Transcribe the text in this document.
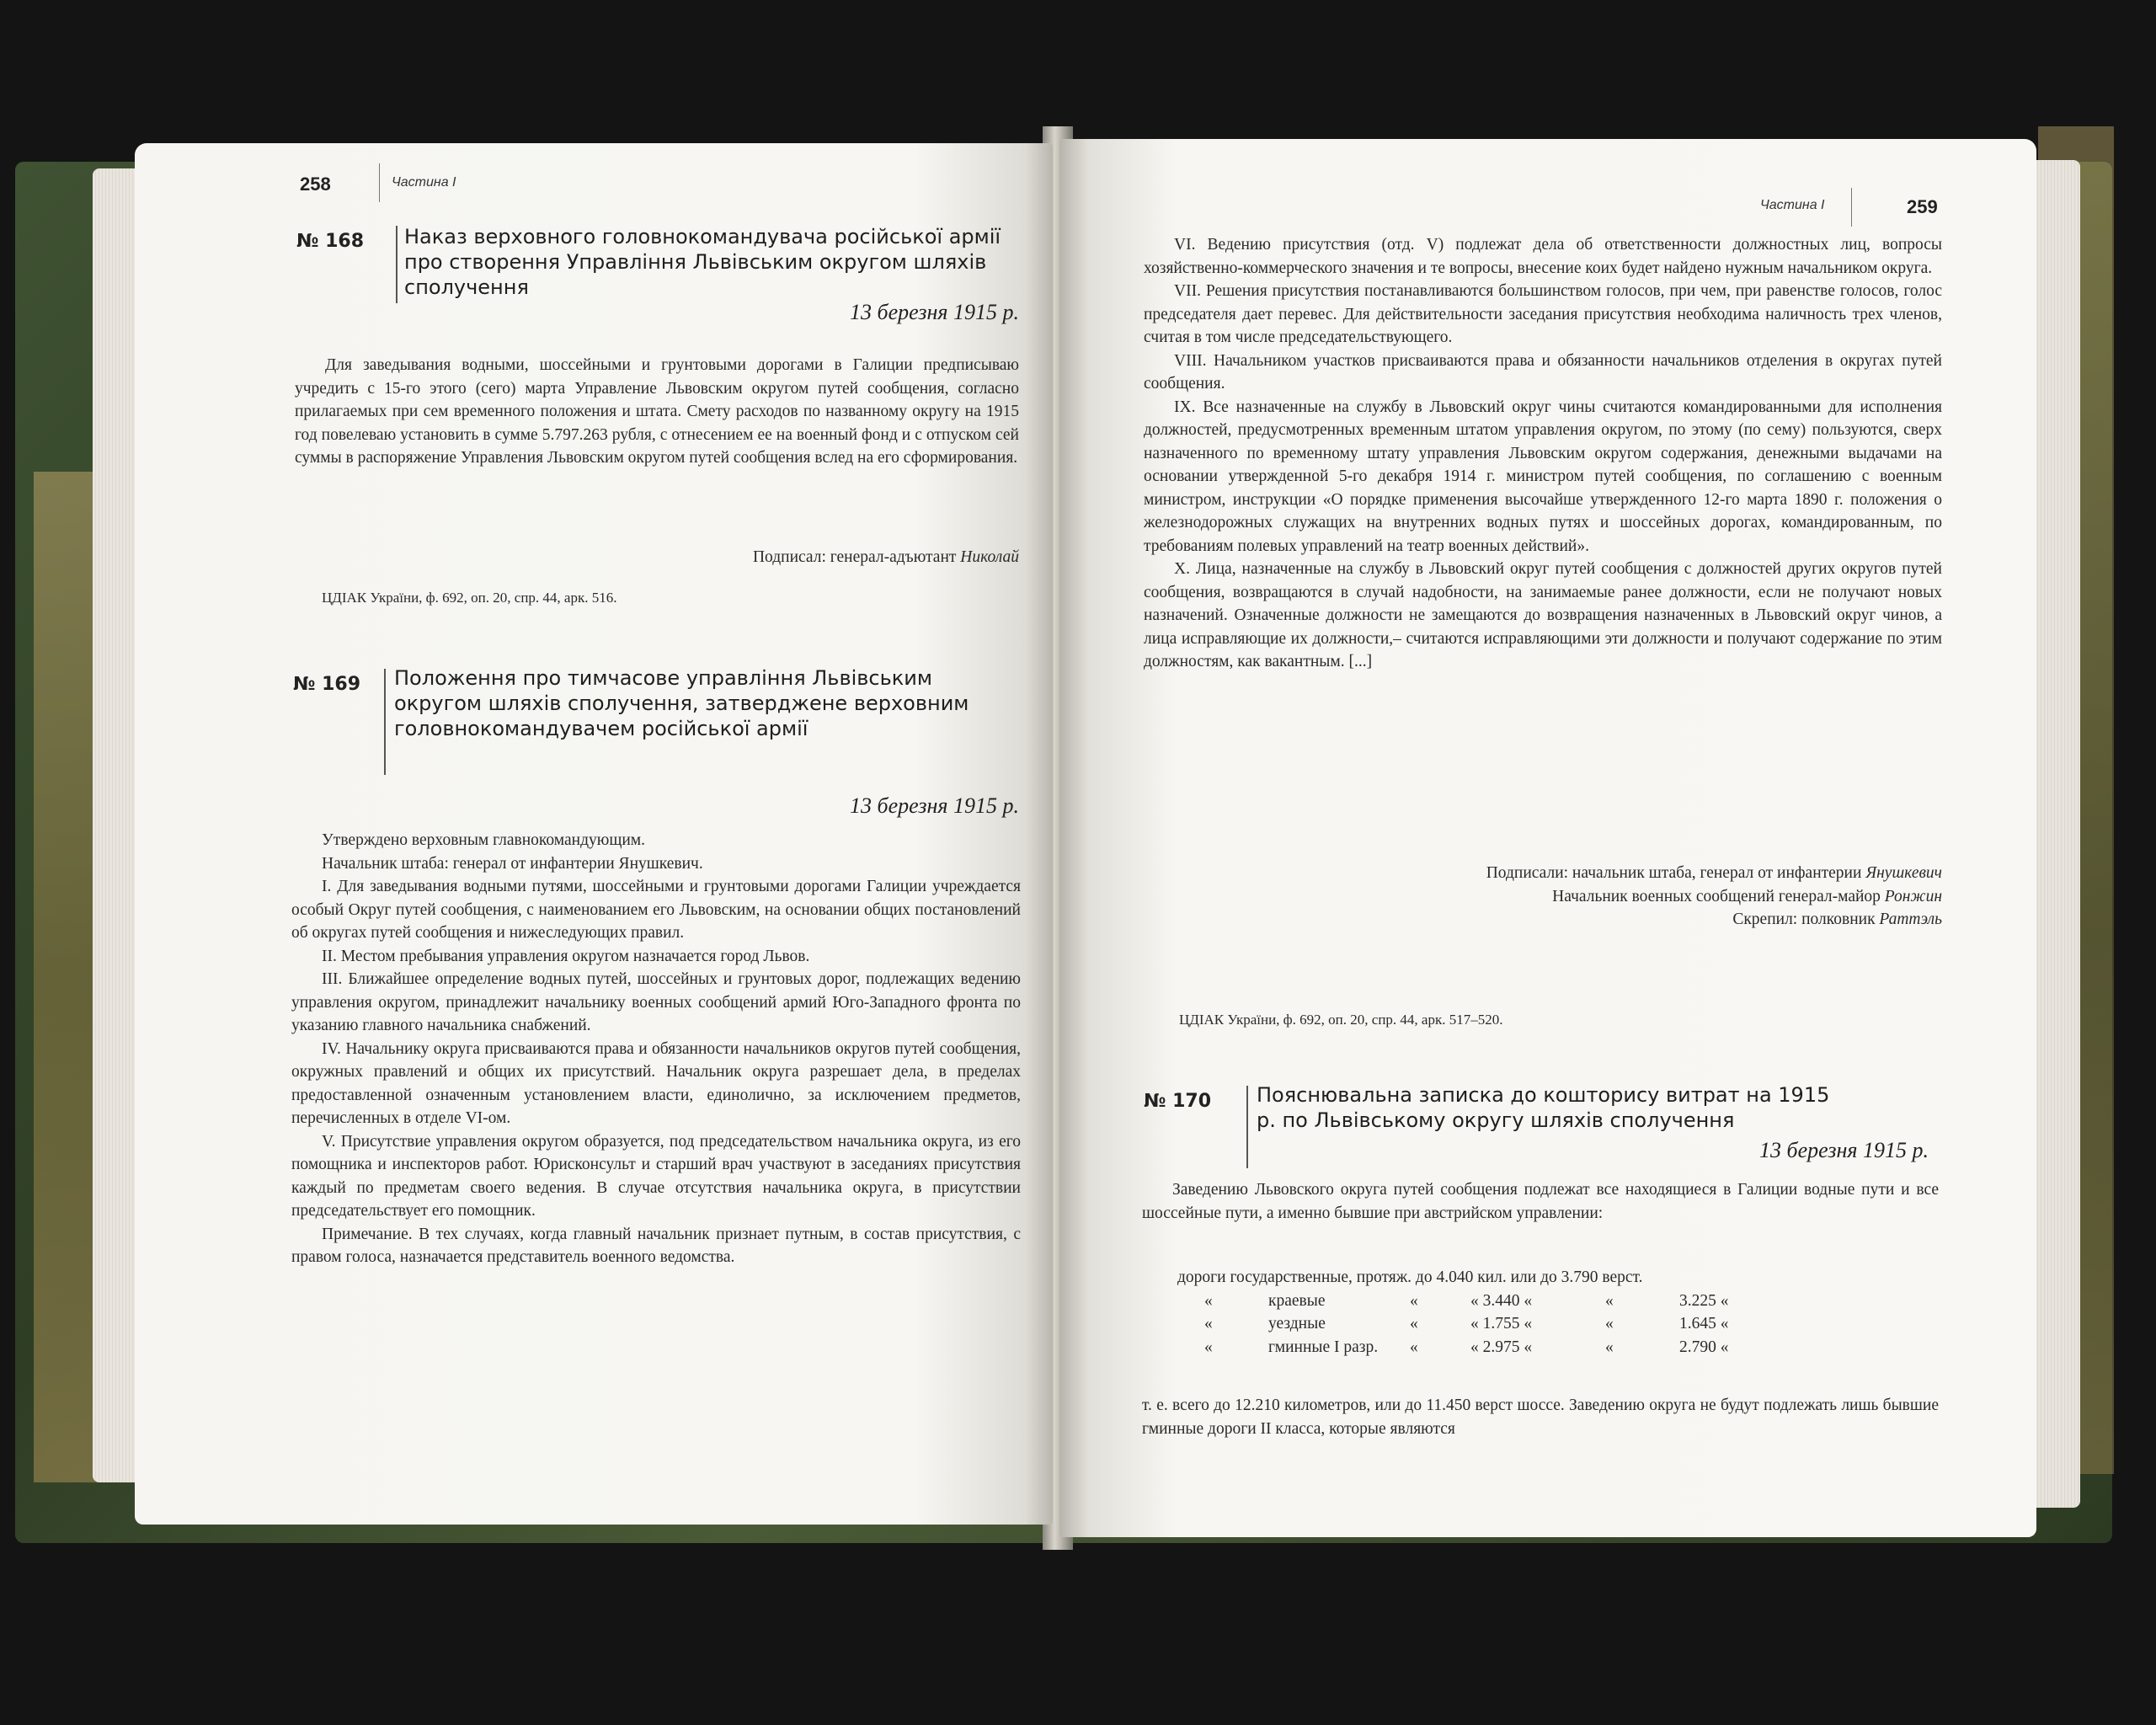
258	Частина I
№ 168 Наказ верховного головнокомандувача російської армії про створення Управління Львівським округом шляхів сполучення
13 березня 1915 р.

Для заведывания водными, шоссейными и грунтовыми дорогами в Галиции предписываю учредить с 15-го этого (сего) марта Управление Львовским округом путей сообщения, согласно прилагаемых при сем временного положения и штата. Смету расходов по названному округу на 1915 год повелеваю установить в сумме 5.797.263 рубля, с отнесением ее на военный фонд и с отпуском сей суммы в распоряжение Управления Львовским округом путей сообщения вслед на его сформирования.

Подписал: генерал-адъютант Николай
ЦДІАК України, ф. 692, оп. 20, спр. 44, арк. 516.
№ 169 Положення про тимчасове управління Львівським округом шляхів сполучення, затверджене верховним головнокомандувачем російської армії
13 березня 1915 р.

Утверждено верховным главнокомандующим.

Начальник штаба: генерал от инфантерии Янушкевич.

I. Для заведывания водными путями, шоссейными и грунтовыми дорогами Галиции учреждается особый Округ путей сообщения, с наименованием его Львовским, на основании общих постановлений об округах путей сообщения и нижеследующих правил.

II. Местом пребывания управления округом назначается город Львов.

III. Ближайшее определение водных путей, шоссейных и грунтовых дорог, подлежащих ведению управления округом, принадлежит начальнику военных сообщений армий Юго-Западного фронта по указанию главного начальника снабжений.

IV. Начальнику округа присваиваются права и обязанности начальников округов путей сообщения, окружных правлений и общих их присутствий. Начальник округа разрешает дела, в пределах предоставленной означенным установлением власти, единолично, за исключением предметов, перечисленных в отделе VI-ом.

V. Присутствие управления округом образуется, под председательством начальника округа, из его помощника и инспекторов работ. Юрисконсульт и старший врач участвуют в заседаниях присутствия каждый по предметам своего ведения. В случае отсутствия начальника округа, в присутствии председательствует его помощник.

Примечание. В тех случаях, когда главный начальник признает путным, в состав присутствия, с правом голоса, назначается представитель военного ведомства.

Частина I	259

VI. Ведению присутствия (отд. V) подлежат дела об ответственности должностных лиц, вопросы хозяйственно-коммерческого значения и те вопросы, внесение коих будет найдено нужным начальником округа.

VII. Решения присутствия постанавливаются большинством голосов, при чем, при равенстве голосов, голос председателя дает перевес. Для действительности заседания присутствия необходима наличность трех членов, считая в том числе председательствующего.

VIII. Начальником участков присваиваются права и обязанности начальников отделения в округах путей сообщения.

IX. Все назначенные на службу в Львовский округ чины считаются командированными для исполнения должностей, предусмотренных временным штатом управления округом, по этому (по сему) пользуются, сверх назначенного по временному штату управления Львовским округом содержания, денежными выдачами на основании утвержденной 5-го декабря 1914 г. министром путей сообщения, по соглашению с военным министром, инструкции «О порядке применения высочайше утвержденного 12-го марта 1890 г. положения о железнодорожных служащих на внутренних водных путях и шоссейных дорогах, командированным, по требованиям полевых управлений на театр военных действий».

X. Лица, назначенные на службу в Львовский округ путей сообщения с должностей других округов путей сообщения, возвращаются в случай надобности, на занимаемые ранее должности, если не получают новых назначений. Означенные должности не замещаются до возвращения назначенных в Львовский округ чинов, а лица исправляющие их должности,– считаются исправляющими эти должности и получают содержание по этим должностям, как вакантным. [...]

Подписали: начальник штаба, генерал от инфантерии Янушкевич
Начальник военных сообщений генерал-майор Ронжин
Скрепил: полковник Раттэль
ЦДІАК України, ф. 692, оп. 20, спр. 44, арк. 517–520.
№ 170 Пояснювальна записка до кошторису витрат на 1915 р. по Львівському округу шляхів сполучення
13 березня 1915 р.

Заведению Львовского округа путей сообщения подлежат все находящиеся в Галиции водные пути и все шоссейные пути, а именно бывшие при австрийском управлении:

дороги государственные, протяж. до 4.040 кил. или до 3.790 верст.
«	краевые	«	« 3.440 «	«	3.225 «
«	уездные	«	« 1.755 «	«	1.645 «
«	гминные I разр. «	« 2.975 «	«	2.790 «

т. е. всего до 12.210 километров, или до 11.450 верст шоссе. Заведению округа не будут подлежать лишь бывшие гминные дороги II класса, которые являются
